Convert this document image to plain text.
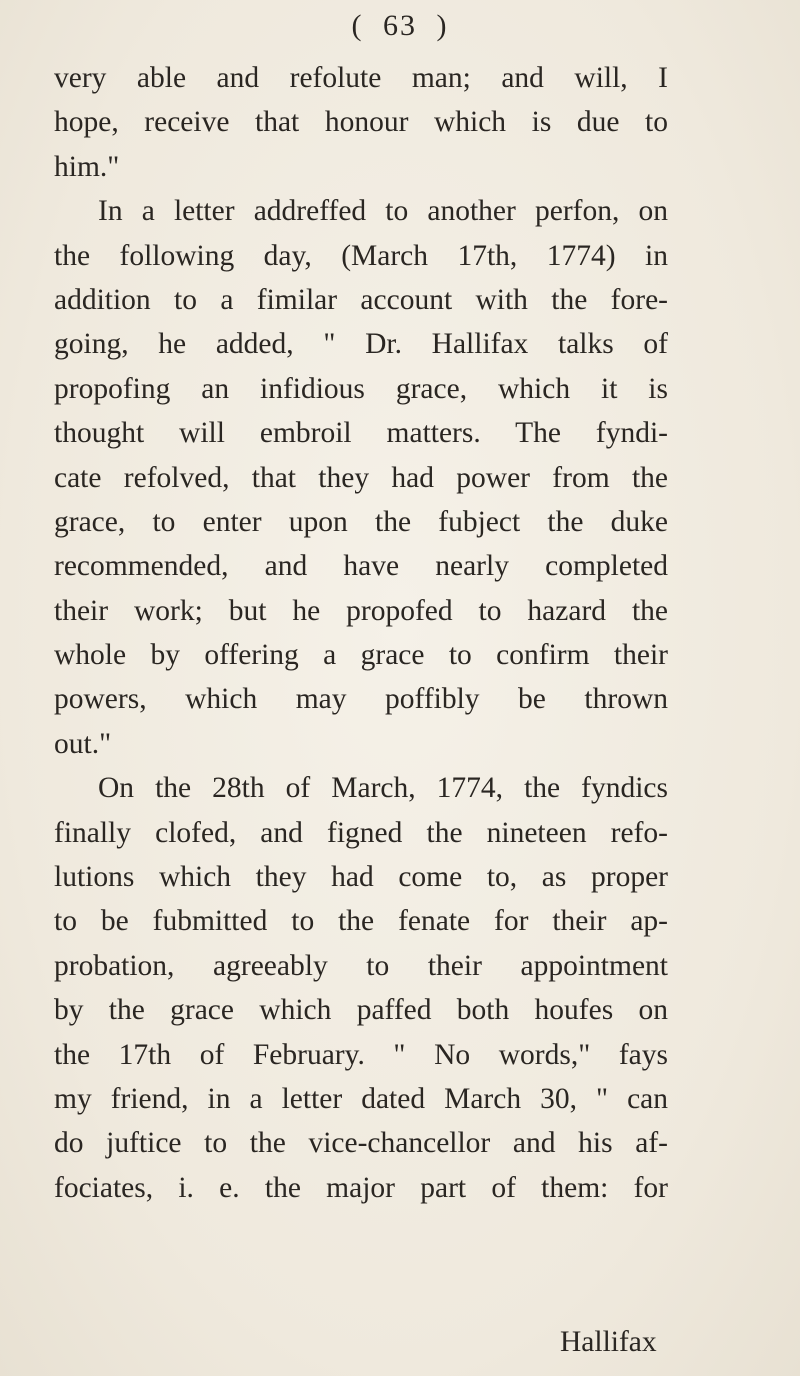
( 63 )
very able and refolute man; and will, I
hope, receive that honour which is due to
him."
In a letter addreffed to another perfon, on
the following day, (March 17th, 1774) in
addition to a fimilar account with the fore-
going, he added, " Dr. Hallifax talks of
propofing an infidious grace, which it is
thought will embroil matters. The fyndi-
cate refolved, that they had power from the
grace, to enter upon the fubject the duke
recommended, and have nearly completed
their work; but he propofed to hazard the
whole by offering a grace to confirm their
powers, which may poffibly be thrown
out."
On the 28th of March, 1774, the fyndics
finally clofed, and figned the nineteen refo-
lutions which they had come to, as proper
to be fubmitted to the fenate for their ap-
probation, agreeably to their appointment
by the grace which paffed both houfes on
the 17th of February. " No words," fays
my friend, in a letter dated March 30, " can
do juftice to the vice-chancellor and his af-
fociates, i. e. the major part of them: for
Hallifax
